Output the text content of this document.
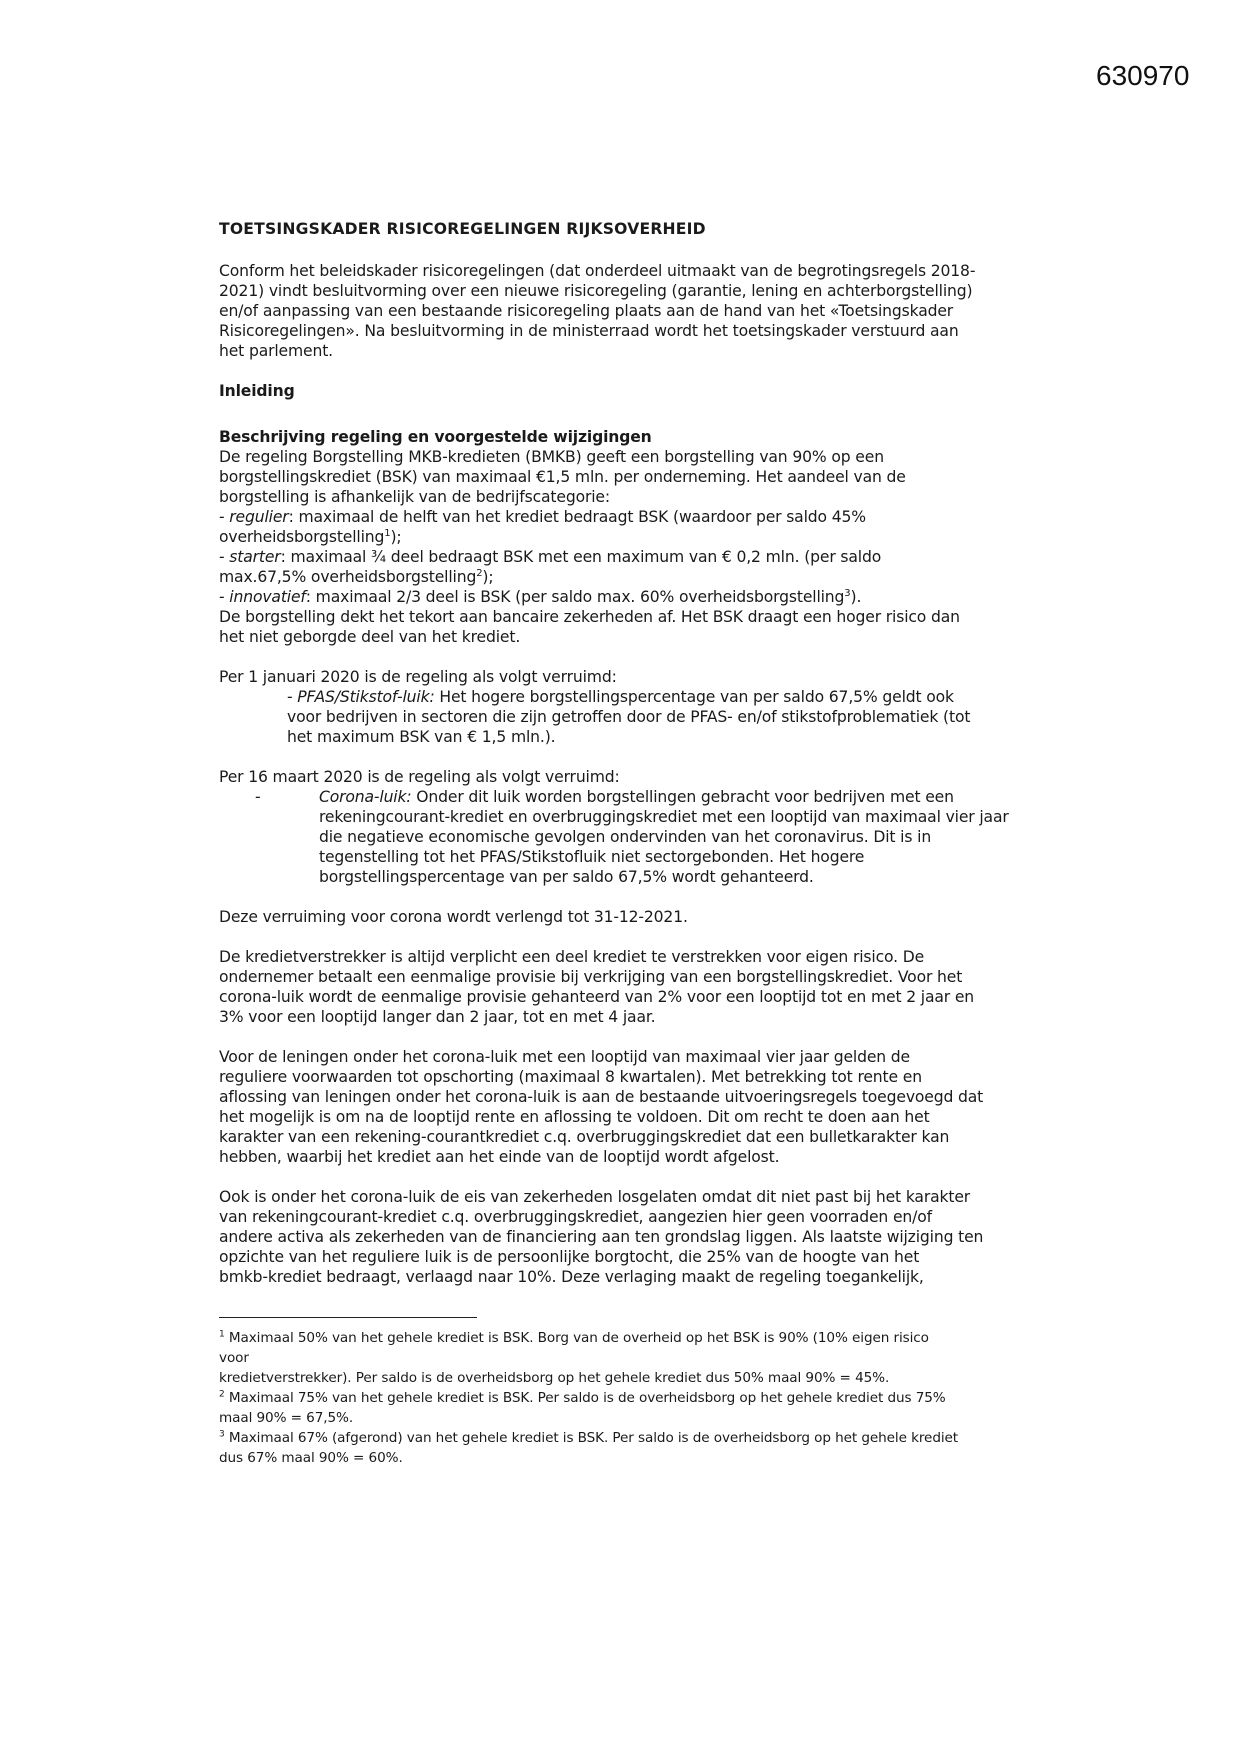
630970

TOETSINGSKADER RISICOREGELINGEN RIJKSOVERHEID

Conform het beleidskader risicoregelingen (dat onderdeel uitmaakt van de begrotingsregels 2018-

2021) vindt besluitvorming over een nieuwe risicoregeling (garantie, lening en achterborgstelling)

en/of aanpassing van een bestaande risicoregeling plaats aan de hand van het «Toetsingskader

Risicoregelingen». Na besluitvorming in de ministerraad wordt het toetsingskader verstuurd aan

het parlement.

Inleiding

Beschrijving regeling en voorgestelde wijzigingen

De regeling Borgstelling MKB-kredieten (BMKB) geeft een borgstelling van 90% op een

borgstellingskrediet (BSK) van maximaal €1,5 mln. per onderneming. Het aandeel van de

borgstelling is afhankelijk van de bedrijfscategorie:

- regulier: maximaal de helft van het krediet bedraagt BSK (waardoor per saldo 45%

overheidsborgstelling$^1$);

- starter: maximaal ¾ deel bedraagt BSK met een maximum van € 0,2 mln. (per saldo

max.67,5% overheidsborgstelling$^2$);

- innovatief: maximaal 2/3 deel is BSK (per saldo max. 60% overheidsborgstelling$^3$).

De borgstelling dekt het tekort aan bancaire zekerheden af. Het BSK draagt een hoger risico dan

het niet geborgde deel van het krediet.

Per 1 januari 2020 is de regeling als volgt verruimd:

- PFAS/Stikstof-luik: Het hogere borgstellingspercentage van per saldo 67,5% geldt ook

voor bedrijven in sectoren die zijn getroffen door de PFAS- en/of stikstofproblematiek (tot

het maximum BSK van € 1,5 mln.).

Per 16 maart 2020 is de regeling als volgt verruimd:

-	Corona-luik: Onder dit luik worden borgstellingen gebracht voor bedrijven met een

rekeningcourant-krediet en overbruggingskrediet met een looptijd van maximaal vier jaar

die negatieve economische gevolgen ondervinden van het coronavirus. Dit is in

tegenstelling tot het PFAS/Stikstofluik niet sectorgebonden. Het hogere

borgstellingspercentage van per saldo 67,5% wordt gehanteerd.

Deze verruiming voor corona wordt verlengd tot 31-12-2021.

De kredietverstrekker is altijd verplicht een deel krediet te verstrekken voor eigen risico. De

ondernemer betaalt een eenmalige provisie bij verkrijging van een borgstellingskrediet. Voor het

corona-luik wordt de eenmalige provisie gehanteerd van 2% voor een looptijd tot en met 2 jaar en

3% voor een looptijd langer dan 2 jaar, tot en met 4 jaar.

Voor de leningen onder het corona-luik met een looptijd van maximaal vier jaar gelden de

reguliere voorwaarden tot opschorting (maximaal 8 kwartalen). Met betrekking tot rente en

aflossing van leningen onder het corona-luik is aan de bestaande uitvoeringsregels toegevoegd dat

het mogelijk is om na de looptijd rente en aflossing te voldoen. Dit om recht te doen aan het

karakter van een rekening-courantkrediet c.q. overbruggingskrediet dat een bulletkarakter kan

hebben, waarbij het krediet aan het einde van de looptijd wordt afgelost.

Ook is onder het corona-luik de eis van zekerheden losgelaten omdat dit niet past bij het karakter

van rekeningcourant-krediet c.q. overbruggingskrediet, aangezien hier geen voorraden en/of

andere activa als zekerheden van de financiering aan ten grondslag liggen. Als laatste wijziging ten

opzichte van het reguliere luik is de persoonlijke borgtocht, die 25% van de hoogte van het

bmkb-krediet bedraagt, verlaagd naar 10%. Deze verlaging maakt de regeling toegankelijk,

$^1$ Maximaal 50% van het gehele krediet is BSK. Borg van de overheid op het BSK is 90% (10% eigen risico

voor

kredietverstrekker). Per saldo is de overheidsborg op het gehele krediet dus 50% maal 90% = 45%.

$^2$ Maximaal 75% van het gehele krediet is BSK. Per saldo is de overheidsborg op het gehele krediet dus 75%

maal 90% = 67,5%.

$^3$ Maximaal 67% (afgerond) van het gehele krediet is BSK. Per saldo is de overheidsborg op het gehele krediet

dus 67% maal 90% = 60%.
